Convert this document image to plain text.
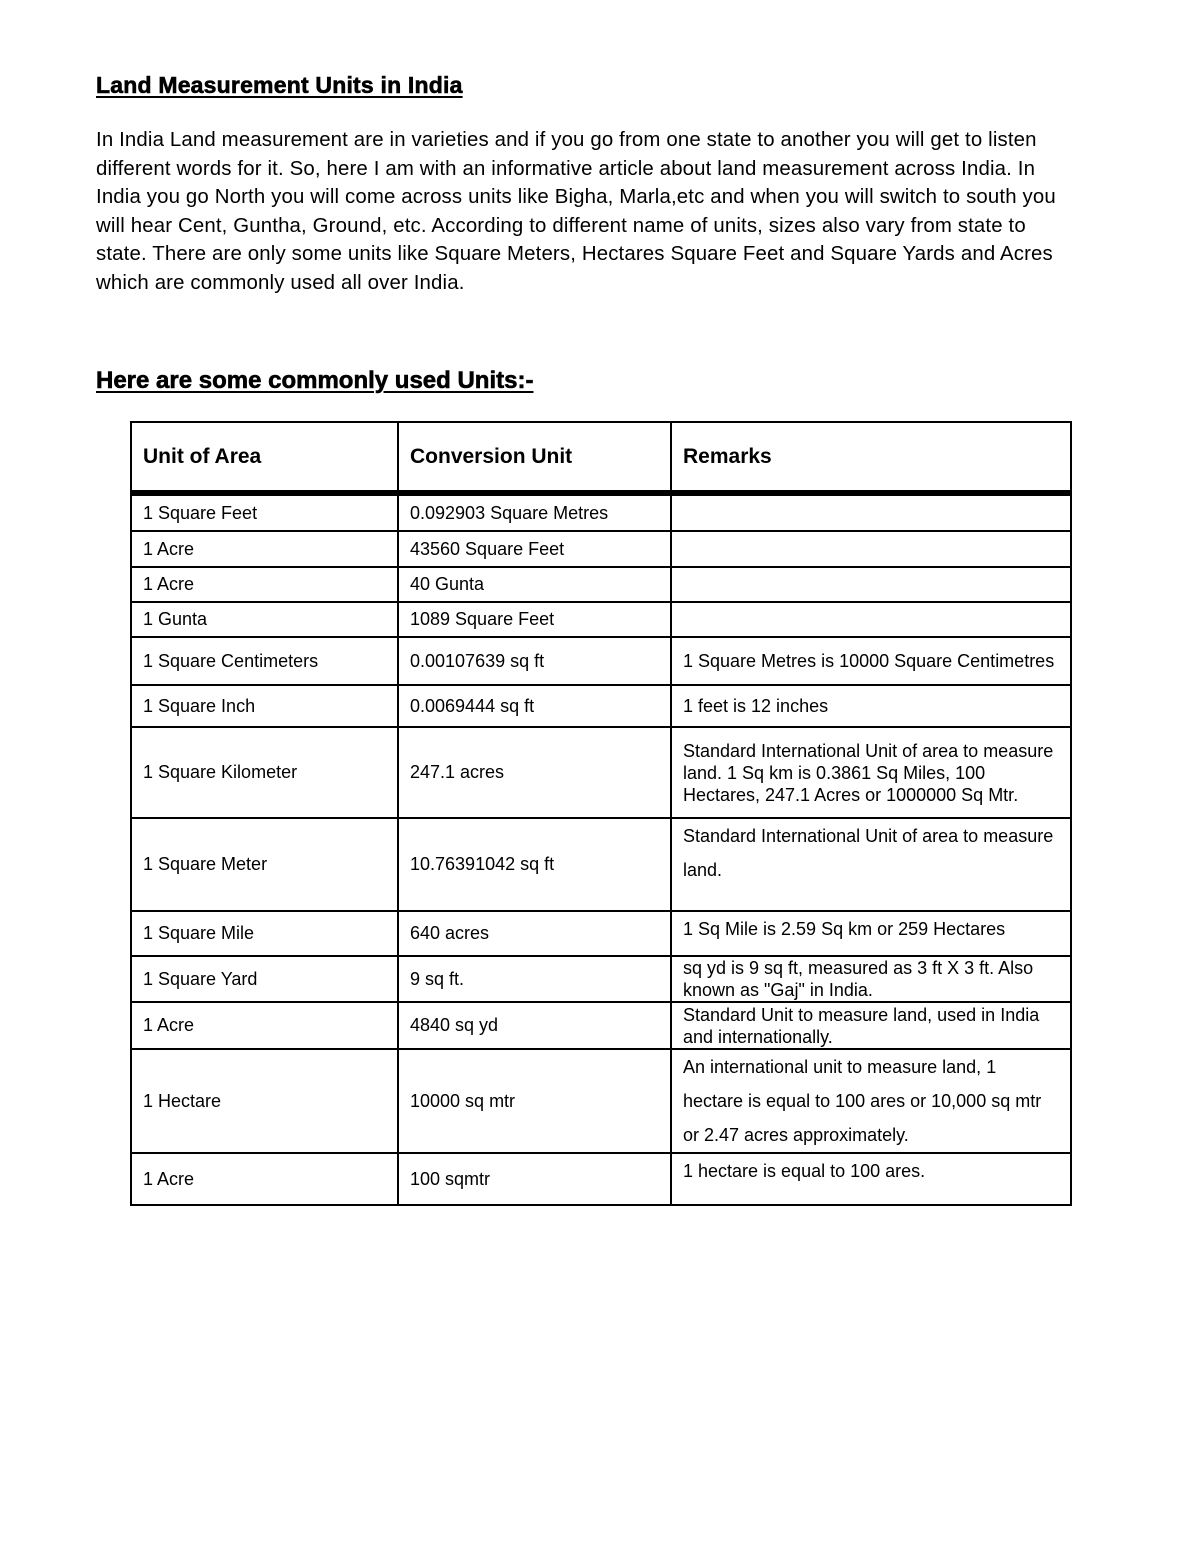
Land Measurement Units in India

In India Land measurement are in varieties and if you go from one state to another you will get to listen different words for it. So, here I am with an informative article about land measurement across India. In India you go North you will come across units like Bigha, Marla,etc and when you will switch to south you will hear Cent, Guntha, Ground, etc. According to different name of units, sizes also vary from state to state. There are only some units like Square Meters, Hectares Square Feet and Square Yards and Acres which are commonly used all over India.

Here are some commonly used Units:-
Unit of Area	Conversion Unit	Remarks
1 Square Feet	0.092903 Square Metres	
1 Acre	43560 Square Feet	
1 Acre	40 Gunta	
1 Gunta	1089 Square Feet	
1 Square Centimeters	0.00107639 sq ft	1 Square Metres is 10000 Square Centimetres
1 Square Inch	0.0069444 sq ft	1 feet is 12 inches
1 Square Kilometer	247.1 acres	Standard International Unit of area to measure land. 1 Sq km is 0.3861 Sq Miles, 100 Hectares, 247.1 Acres or 1000000 Sq Mtr.
1 Square Meter	10.76391042 sq ft	Standard International Unit of area to measure land.
1 Square Mile	640 acres	1 Sq Mile is 2.59 Sq km or 259 Hectares
1 Square Yard	9 sq ft.	sq yd is 9 sq ft, measured as 3 ft X 3 ft. Also known as "Gaj" in India.
1 Acre	4840 sq yd	Standard Unit to measure land, used in India and internationally.
1 Hectare	10000 sq mtr	An international unit to measure land, 1 hectare is equal to 100 ares or 10,000 sq mtr or 2.47 acres approximately.
1 Acre	100 sqmtr	1 hectare is equal to 100 ares.
